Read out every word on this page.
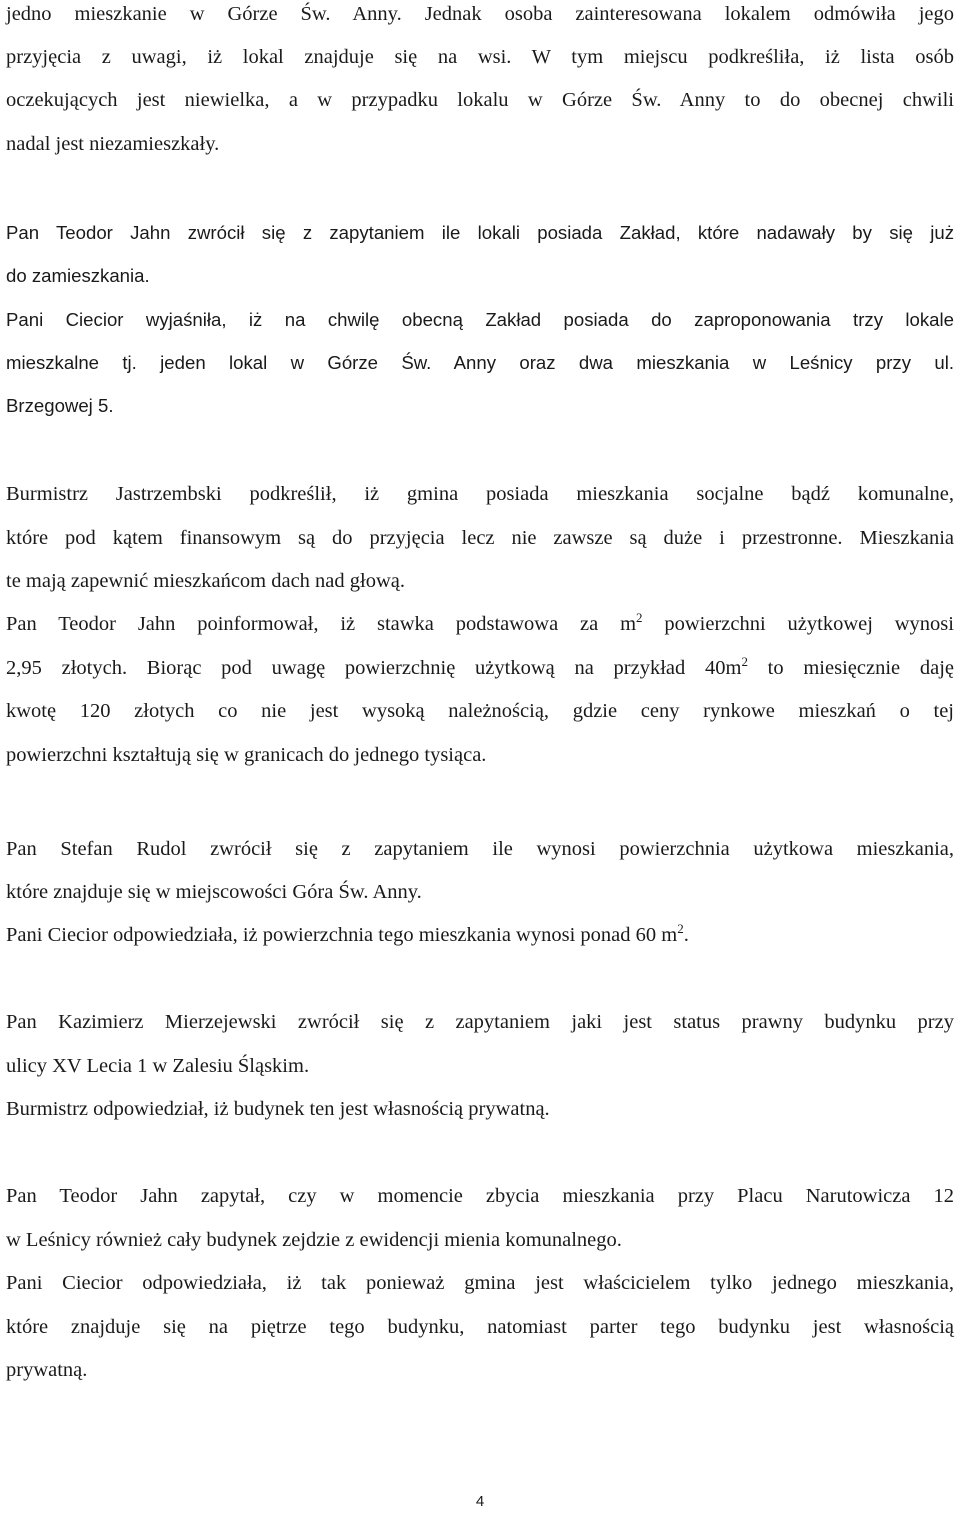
jedno mieszkanie w Górze Św. Anny. Jednak osoba zainteresowana lokalem odmówiła jego
przyjęcia z uwagi, iż lokal znajduje się na wsi. W tym miejscu podkreśliła, iż lista osób
oczekujących jest niewielka, a w przypadku lokalu w Górze Św. Anny to do obecnej chwili
nadal jest niezamieszkały.
Pan Teodor Jahn zwrócił się z zapytaniem ile lokali posiada Zakład, które nadawały by się już
do zamieszkania.
Pani Ciecior wyjaśniła, iż na chwilę obecną Zakład posiada do zaproponowania trzy lokale
mieszkalne tj. jeden lokal w Górze Św. Anny oraz dwa mieszkania w Leśnicy przy ul.
Brzegowej 5.
Burmistrz Jastrzembski podkreślił, iż gmina posiada mieszkania socjalne bądź komunalne,
które pod kątem finansowym są do przyjęcia lecz nie zawsze są duże i przestronne. Mieszkania
te mają zapewnić mieszkańcom dach nad głową.
Pan Teodor Jahn poinformował, iż stawka podstawowa za $m^2$ powierzchni użytkowej wynosi
2,95 złotych. Biorąc pod uwagę powierzchnię użytkową na przykład $40m^2$ to miesięcznie daję
kwotę 120 złotych co nie jest wysoką należnością, gdzie ceny rynkowe mieszkań o tej
powierzchni kształtują się w granicach do jednego tysiąca.
Pan Stefan Rudol zwrócił się z zapytaniem ile wynosi powierzchnia użytkowa mieszkania,
które znajduje się w miejscowości Góra Św. Anny.
Pani Ciecior odpowiedziała, iż powierzchnia tego mieszkania wynosi ponad 60 $m^2$.
Pan Kazimierz Mierzejewski zwrócił się z zapytaniem jaki jest status prawny budynku przy
ulicy XV Lecia 1 w Zalesiu Śląskim.
Burmistrz odpowiedział, iż budynek ten jest własnością prywatną.
Pan Teodor Jahn zapytał, czy w momencie zbycia mieszkania przy Placu Narutowicza 12
w Leśnicy również cały budynek zejdzie z ewidencji mienia komunalnego.
Pani Ciecior odpowiedziała, iż tak ponieważ gmina jest właścicielem tylko jednego mieszkania,
które znajduje się na piętrze tego budynku, natomiast parter tego budynku jest własnością
prywatną.
4
